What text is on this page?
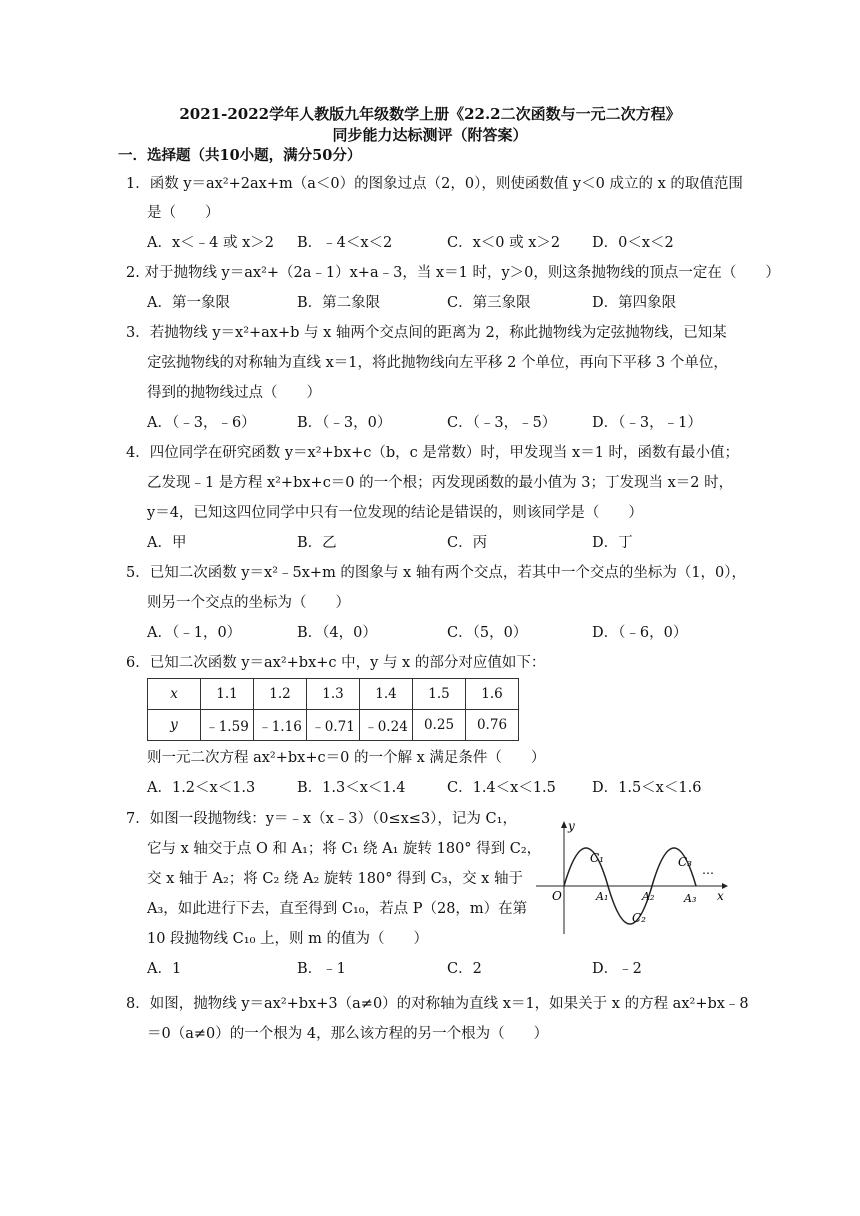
2021-2022学年人教版九年级数学上册《22.2二次函数与一元二次方程》
同步能力达标测评（附答案）
一．选择题（共10小题，满分50分）
1．函数 y＝ax²+2ax+m（a＜0）的图象过点（2，0），则使函数值 y＜0 成立的 x 的取值范围
是（　　）
A．x＜﹣4 或 x＞2 B．﹣4＜x＜2	C．x＜0 或 x＞2 D．0＜x＜2
2. 对于抛物线 y＝ax²+（2a﹣1）x+a﹣3，当 x＝1 时，y＞0，则这条抛物线的顶点一定在（　　）
A．第一象限	B．第二象限	C．第三象限	D．第四象限
3．若抛物线 y＝x²+ax+b 与 x 轴两个交点间的距离为 2，称此抛物线为定弦抛物线，已知某
定弦抛物线的对称轴为直线 x＝1，将此抛物线向左平移 2 个单位，再向下平移 3 个单位，
得到的抛物线过点（　　）
A．（﹣3，﹣6）	B．（﹣3，0）	C．（﹣3，﹣5） D．（﹣3，﹣1）
4．四位同学在研究函数 y＝x²+bx+c（b，c 是常数）时，甲发现当 x＝1 时，函数有最小值；
乙发现﹣1 是方程 x²+bx+c＝0 的一个根；丙发现函数的最小值为 3；丁发现当 x＝2 时，
y＝4，已知这四位同学中只有一位发现的结论是错误的，则该同学是（　　）
A．甲	B．乙	C．丙	D．丁
5．已知二次函数 y＝x²﹣5x+m 的图象与 x 轴有两个交点，若其中一个交点的坐标为（1，0），
则另一个交点的坐标为（　　）
A．（﹣1，0）	B．（4，0）	C．（5，0）	D．（﹣6，0）
6．已知二次函数 y＝ax²+bx+c 中，y 与 x 的部分对应值如下：
x	1.1	1.2	1.3	1.4	1.5	1.6
y	﹣1.59	﹣1.16	﹣0.71	﹣0.24	0.25	0.76
则一元二次方程 ax²+bx+c＝0 的一个解 x 满足条件（　　）
A．1.2＜x＜1.3	B．1.3＜x＜1.4	C．1.4＜x＜1.5 D．1.5＜x＜1.6
7．如图一段抛物线：y＝﹣x（x﹣3）（0≤x≤3），记为 C₁，
它与 x 轴交于点 O 和 A₁；将 C₁ 绕 A₁ 旋转 180° 得到 C₂，
交 x 轴于 A₂；将 C₂ 绕 A₂ 旋转 180° 得到 C₃，交 x 轴于
A₃，如此进行下去，直至得到 C₁₀，若点 P（28，m）在第
10 段抛物线 C₁₀ 上，则 m 的值为（　　）
A．1	B．﹣1	C．2	D．﹣2
y
x
O
C₁
C₂
C₃
A₁	A₂	A₃
…
8．如图，抛物线 y＝ax²+bx+3（a≠0）的对称轴为直线 x＝1，如果关于 x 的方程 ax²+bx﹣8
＝0（a≠0）的一个根为 4，那么该方程的另一个根为（　　）
